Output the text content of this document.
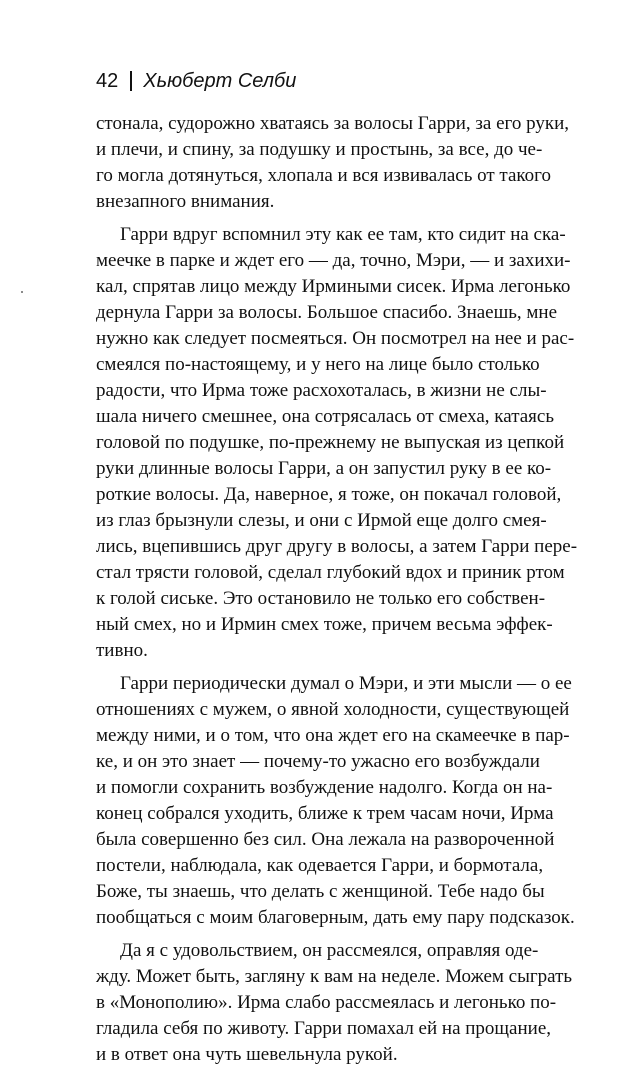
42 Хьюберт Селби
стонала, судорожно хватаясь за волосы Гарри, за его руки,
и плечи, и спину, за подушку и простынь, за все, до че-
го могла дотянуться, хлопала и вся извивалась от такого
внезапного внимания.
Гарри вдруг вспомнил эту как ее там, кто сидит на ска-
меечке в парке и ждет его — да, точно, Мэри, — и захихи-
кал, спрятав лицо между Ирмиными сисек. Ирма легонько
дернула Гарри за волосы. Большое спасибо. Знаешь, мне
нужно как следует посмеяться. Он посмотрел на нее и рас-
смеялся по-настоящему, и у него на лице было столько
радости, что Ирма тоже расхохоталась, в жизни не слы-
шала ничего смешнее, она сотрясалась от смеха, катаясь
головой по подушке, по-прежнему не выпуская из цепкой
руки длинные волосы Гарри, а он запустил руку в ее ко-
роткие волосы. Да, наверное, я тоже, он покачал головой,
из глаз брызнули слезы, и они с Ирмой еще долго смея-
лись, вцепившись друг другу в волосы, а затем Гарри пере-
стал трясти головой, сделал глубокий вдох и приник ртом
к голой сиське. Это остановило не только его собствен-
ный смех, но и Ирмин смех тоже, причем весьма эффек-
тивно.
Гарри периодически думал о Мэри, и эти мысли — о ее
отношениях с мужем, о явной холодности, существующей
между ними, и о том, что она ждет его на скамеечке в пар-
ке, и он это знает — почему-то ужасно его возбуждали
и помогли сохранить возбуждение надолго. Когда он на-
конец собрался уходить, ближе к трем часам ночи, Ирма
была совершенно без сил. Она лежала на развороченной
постели, наблюдала, как одевается Гарри, и бормотала,
Боже, ты знаешь, что делать с женщиной. Тебе надо бы
пообщаться с моим благоверным, дать ему пару подсказок.
Да я с удовольствием, он рассмеялся, оправляя оде-
жду. Может быть, загляну к вам на неделе. Можем сыграть
в «Монополию». Ирма слабо рассмеялась и легонько по-
гладила себя по животу. Гарри помахал ей на прощание,
и в ответ она чуть шевельнула рукой.
